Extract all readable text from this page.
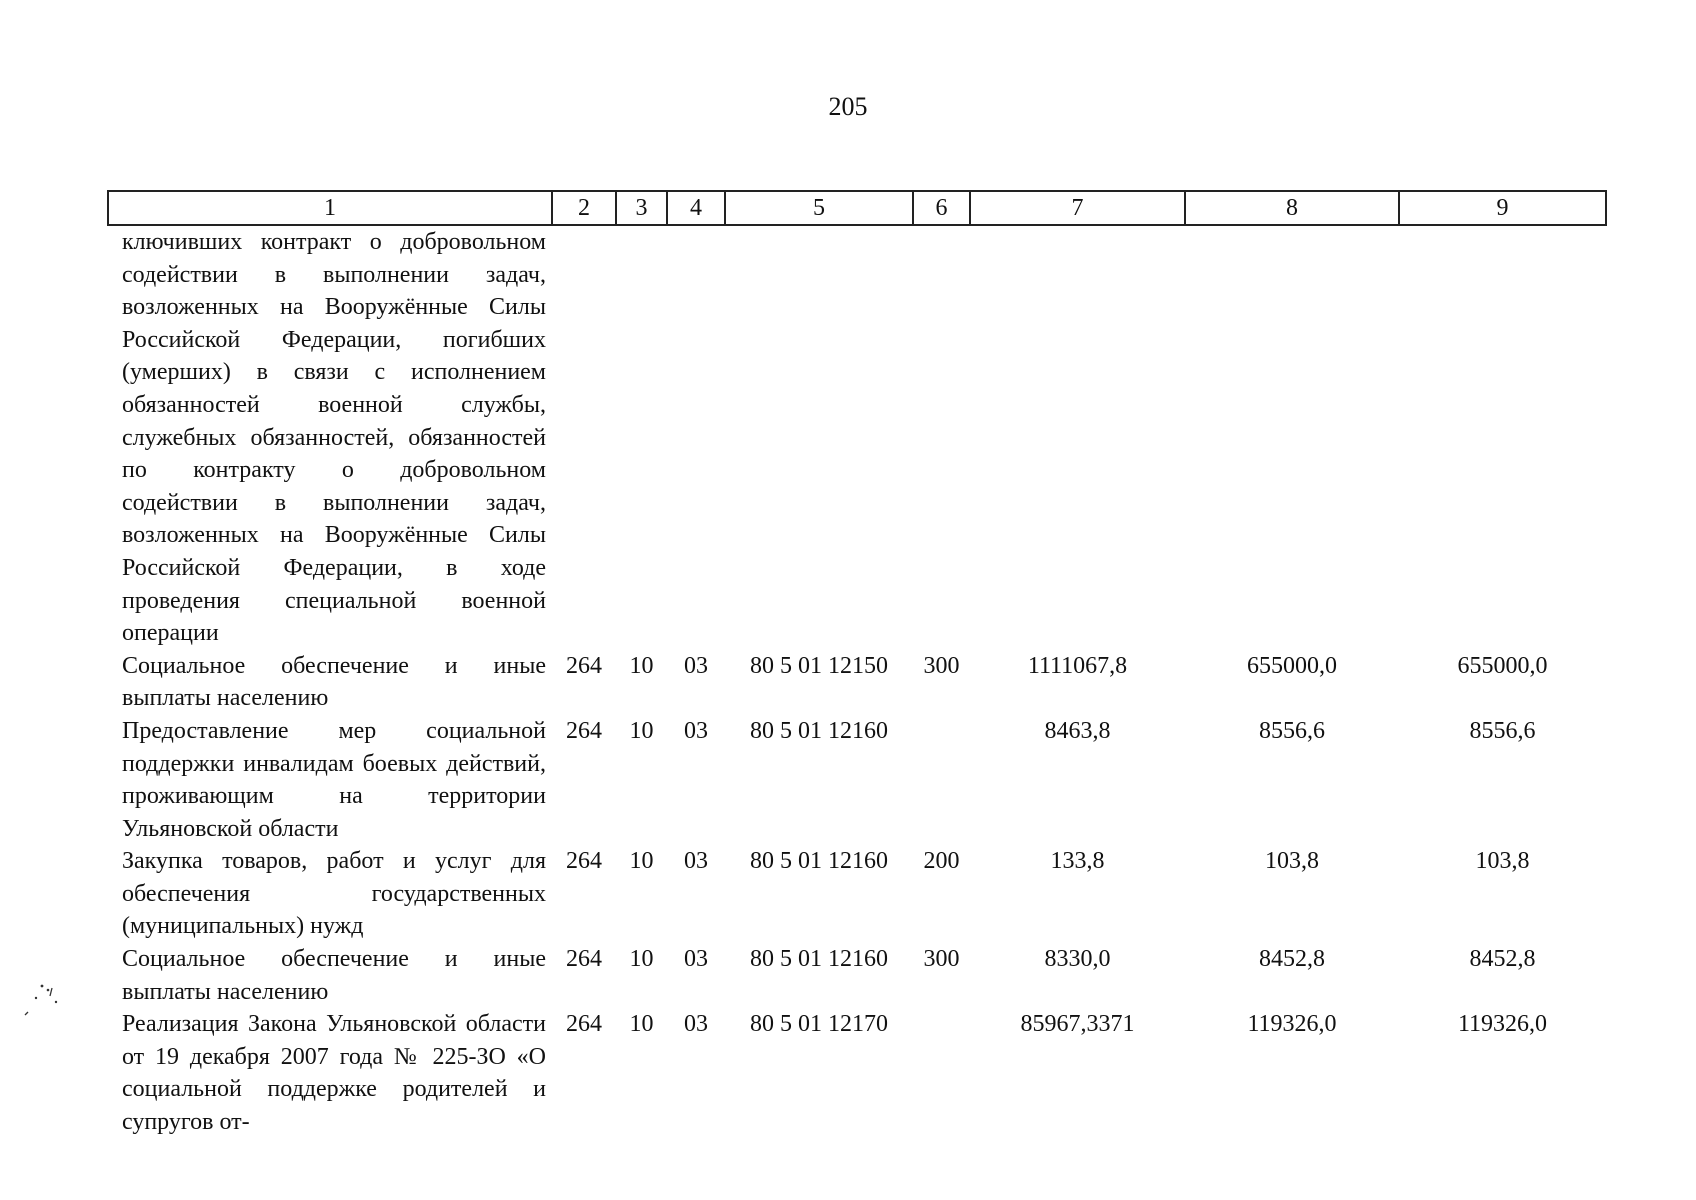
205
1	2	3	4	5	6	7	8	9
ключивших контракт о добровольном содействии в выполнении задач, возложенных на Вооружённые Силы Российской Федерации, погибших (умерших) в связи с исполнением обязанностей военной службы, служебных обязанностей, обязанностей по контракту о добровольном содействии в выполнении задач, возложенных на Вооружённые Силы Российской Федерации, в ходе проведения специальной военной операции								
Социальное обеспечение и иные выплаты населению	264	10	03	80 5 01 12150	300	1111067,8	655000,0	655000,0
Предоставление мер социальной поддержки инвалидам боевых действий, проживающим на территории Ульяновской области	264	10	03	80 5 01 12160		8463,8	8556,6	8556,6
Закупка товаров, работ и услуг для обеспечения государственных (муниципальных) нужд	264	10	03	80 5 01 12160	200	133,8	103,8	103,8
Социальное обеспечение и иные выплаты населению	264	10	03	80 5 01 12160	300	8330,0	8452,8	8452,8
Реализация Закона Ульяновской области от 19 декабря 2007 года № 225-ЗО «О социальной поддержке родителей и супругов от-	264	10	03	80 5 01 12170		85967,3371	119326,0	119326,0
